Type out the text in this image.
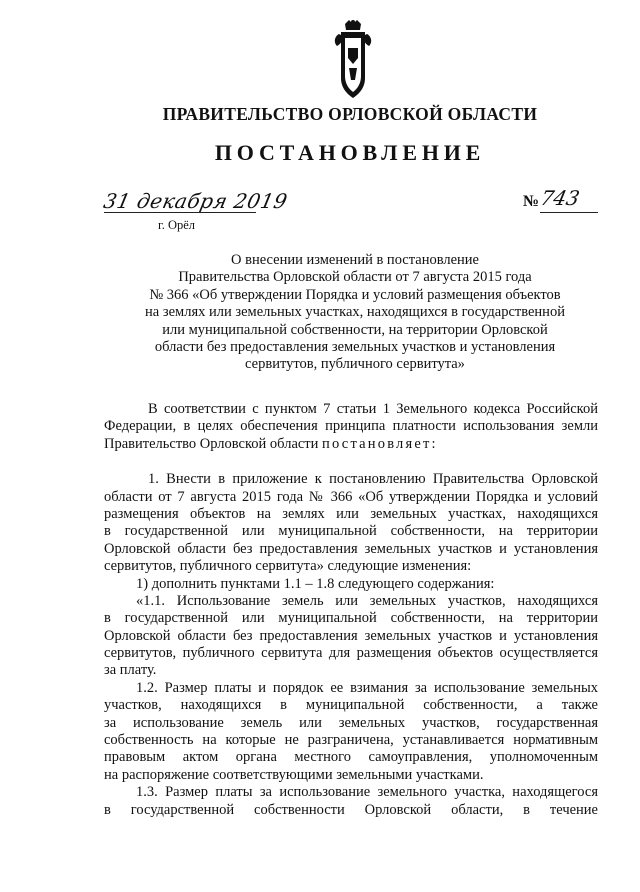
ПРАВИТЕЛЬСТВО ОРЛОВСКОЙ ОБЛАСТИ
ПОСТАНОВЛЕНИЕ
31 декабря 2019
г. Орёл
№ 743
О внесении изменений в постановление
Правительства Орловской области от 7 августа 2015 года
№ 366 «Об утверждении Порядка и условий размещения объектов
на землях или земельных участках, находящихся в государственной
или муниципальной собственности, на территории Орловской
области без предоставления земельных участков и установления
сервитутов, публичного сервитута»
В соответствии с пунктом 7 статьи 1 Земельного кодекса Российской
Федерации, в целях обеспечения принципа платности использования земли
Правительство Орловской области постановляет:
1. Внести в приложение к постановлению Правительства Орловской
области от 7 августа 2015 года № 366 «Об утверждении Порядка и условий
размещения объектов на землях или земельных участках, находящихся
в государственной или муниципальной собственности, на территории
Орловской области без предоставления земельных участков и установления
сервитутов, публичного сервитута» следующие изменения:
1) дополнить пунктами 1.1 – 1.8 следующего содержания:
«1.1. Использование земель или земельных участков, находящихся
в государственной или муниципальной собственности, на территории
Орловской области без предоставления земельных участков и установления
сервитутов, публичного сервитута для размещения объектов осуществляется
за плату.
1.2. Размер платы и порядок ее взимания за использование земельных
участков, находящихся в муниципальной собственности, а также
за использование земель или земельных участков, государственная
собственность на которые не разграничена, устанавливается нормативным
правовым актом органа местного самоуправления, уполномоченным
на распоряжение соответствующими земельными участками.
1.3. Размер платы за использование земельного участка, находящегося
в государственной собственности Орловской области, в течение
